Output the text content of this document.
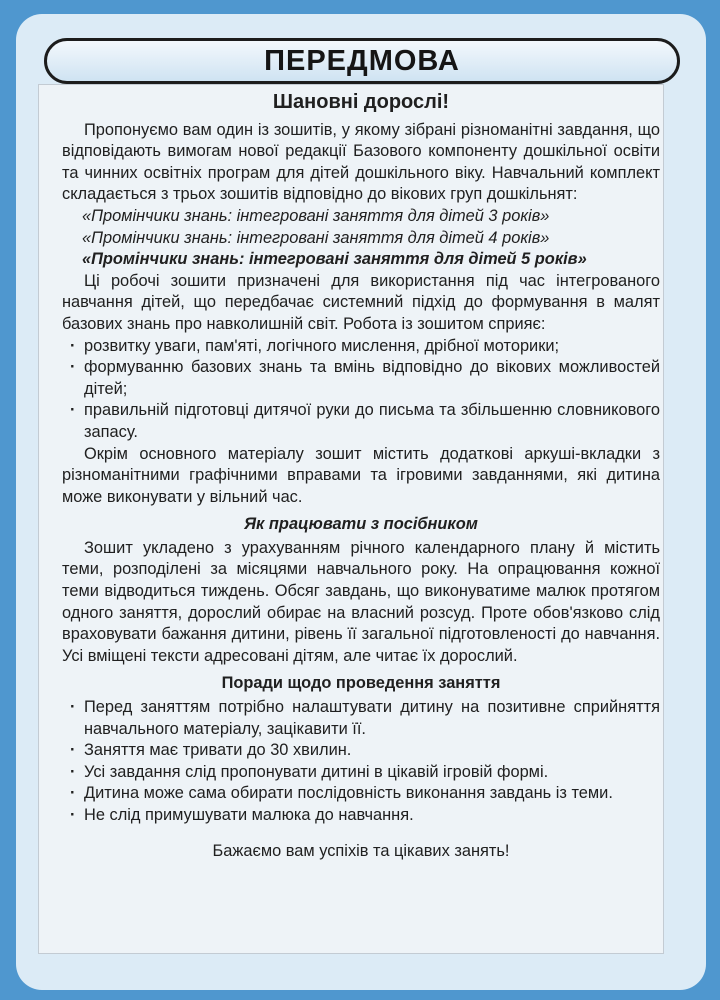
ПЕРЕДМОВА

Шановні дорослі!

Пропонуємо вам один із зошитів, у якому зібрані різноманітні завдання, що відповідають вимогам нової редакції Базового компоненту дошкільної освіти та чинних освітніх програм для дітей дошкільного віку. Навчальний комплект складається з трьох зошитів відповідно до вікових груп дошкільнят:

«Промінчики знань: інтегровані заняття для дітей 3 років»

«Промінчики знань: інтегровані заняття для дітей 4 років»

«Промінчики знань: інтегровані заняття для дітей 5 років»

Ці робочі зошити призначені для використання під час інтегрованого навчання дітей, що передбачає системний підхід до формування в малят базових знань про навколишній світ. Робота із зошитом сприяє:

· розвитку уваги, пам'яті, логічного мислення, дрібної моторики;

· формуванню базових знань та вмінь відповідно до вікових можливостей дітей;

· правильній підготовці дитячої руки до письма та збільшенню словникового запасу.

Окрім основного матеріалу зошит містить додаткові аркуші-вкладки з різноманітними графічними вправами та ігровими завданнями, які дитина може виконувати у вільний час.

Як працювати з посібником

Зошит укладено з урахуванням річного календарного плану й містить теми, розподілені за місяцями навчального року. На опрацювання кожної теми відводиться тиждень. Обсяг завдань, що виконуватиме малюк протягом одного заняття, дорослий обирає на власний розсуд. Проте обов'язково слід враховувати бажання дитини, рівень її загальної підготовленості до навчання. Усі вміщені тексти адресовані дітям, але читає їх дорослий.

Поради щодо проведення заняття

· Перед заняттям потрібно налаштувати дитину на позитивне сприйняття навчального матеріалу, зацікавити її.

· Заняття має тривати до 30 хвилин.

· Усі завдання слід пропонувати дитині в цікавій ігровій формі.

· Дитина може сама обирати послідовність виконання завдань із теми.

· Не слід примушувати малюка до навчання.

Бажаємо вам успіхів та цікавих занять!
